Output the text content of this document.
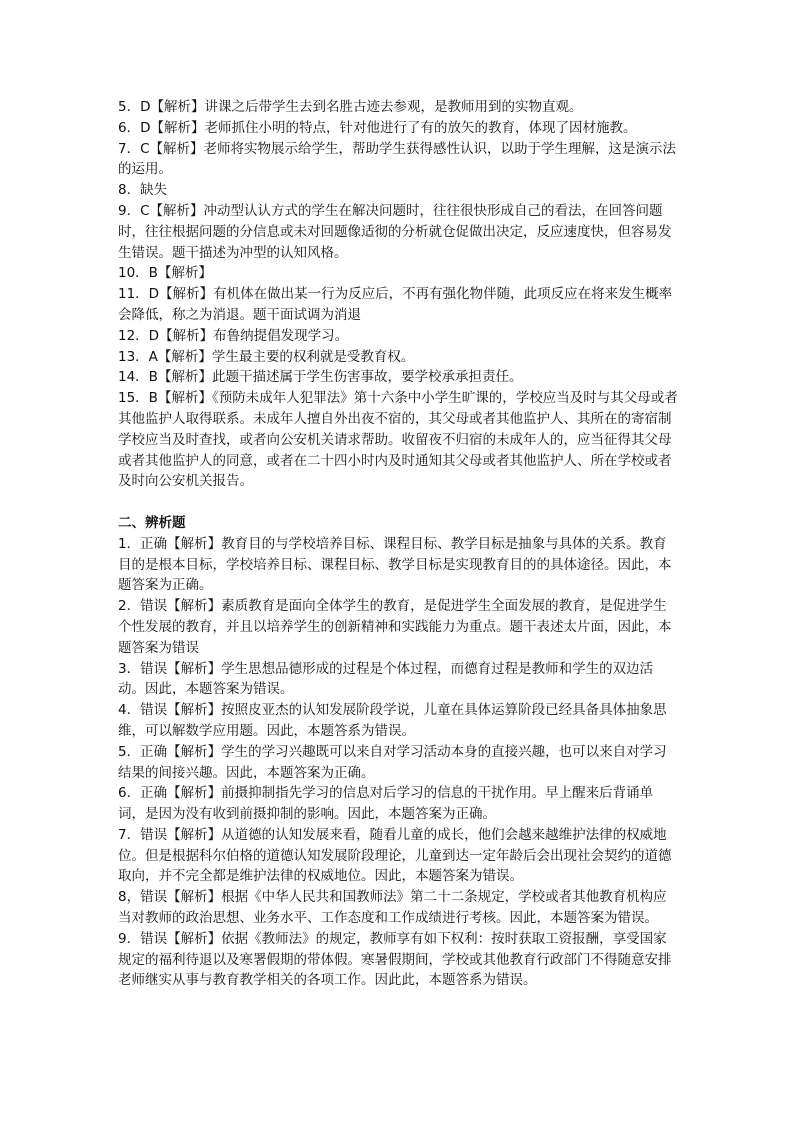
5．D【解析】讲课之后带学生去到名胜古迹去参观，是教师用到的实物直观。

6．D【解析】老师抓住小明的特点，针对他进行了有的放矢的教育，体现了因材施教。

7．C【解析】老师将实物展示给学生，帮助学生获得感性认识，以助于学生理解，这是演示法的运用。

8．缺失

9．C【解析】冲动型认认方式的学生在解决问题时，往往很快形成自己的看法，在回答问题时，往往根据问题的分信息或未对回题像适彻的分析就仓促做出决定，反应速度快，但容易发生错误。题干描述为冲型的认知风格。

10．B【解析】

11．D【解析】有机体在做出某一行为反应后，不再有强化物伴随，此项反应在将来发生概率会降低，称之为消退。题干面试调为消退

12．D【解析】布鲁纳提倡发现学习。

13．A【解析】学生最主要的权利就是受教育权。

14．B【解析】此题干描述属于学生伤害事故，要学校承承担责任。

15．B【解析】《预防未成年人犯罪法》第十六条中小学生旷课的，学校应当及时与其父母或者其他监护人取得联系。未成年人擅自外出夜不宿的，其父母或者其他监护人、其所在的寄宿制学校应当及时查找，或者向公安机关请求帮助。收留夜不归宿的未成年人的，应当征得其父母或者其他监护人的同意，或者在二十四小时内及时通知其父母或者其他监护人、所在学校或者及时向公安机关报告。

二、辨析题

1．正确【解析】教育目的与学校培养目标、课程目标、教学目标是抽象与具体的关系。教育目的是根本目标，学校培养目标、课程目标、教学目标是实现教育目的的具体途径。因此，本题答案为正确。

2．错误【解析】素质教育是面向全体学生的教育，是促进学生全面发展的教育，是促进学生个性发展的教育，并且以培养学生的创新精神和实践能力为重点。题干表述太片面，因此，本题答案为错误

3．错误【解析】学生思想品德形成的过程是个体过程，而德育过程是教师和学生的双边活动。因此，本题答案为错误。

4．错误【解析】按照皮亚杰的认知发展阶段学说，儿童在具体运算阶段已经具备具体抽象思维，可以解数学应用题。因此，本题答系为错误。

5．正确【解析】学生的学习兴趣既可以来自对学习活动本身的直接兴趣，也可以来自对学习结果的间接兴趣。因此，本题答案为正确。

6．正确【解析】前摄抑制指先学习的信息对后学习的信息的干扰作用。早上醒来后背诵单词，是因为没有收到前摄抑制的影响。因此，本题答案为正确。

7．错误【解析】从道德的认知发展来看，随看儿童的成长，他们会越来越维护法律的权威地位。但是根据科尔伯格的道德认知发展阶段理论，儿童到达一定年龄后会出现社会契约的道德取向，并不完全都是维护法律的权威地位。因此，本题答案为错误。

8，错误【解析】根据《中华人民共和国教师法》第二十二条规定，学校或者其他教育机构应当对教师的政治思想、业务水平、工作态度和工作成绩进行考核。因此，本题答案为错误。

9．错误【解析】依据《教师法》的规定，教师享有如下权利：按时获取工资报酬，享受国家规定的福利待退以及寒署假期的带体假。寒暑假期间，学校或其他教育行政部门不得随意安排老师继实从事与教育教学相关的各项工作。因此此，本题答系为错误。
